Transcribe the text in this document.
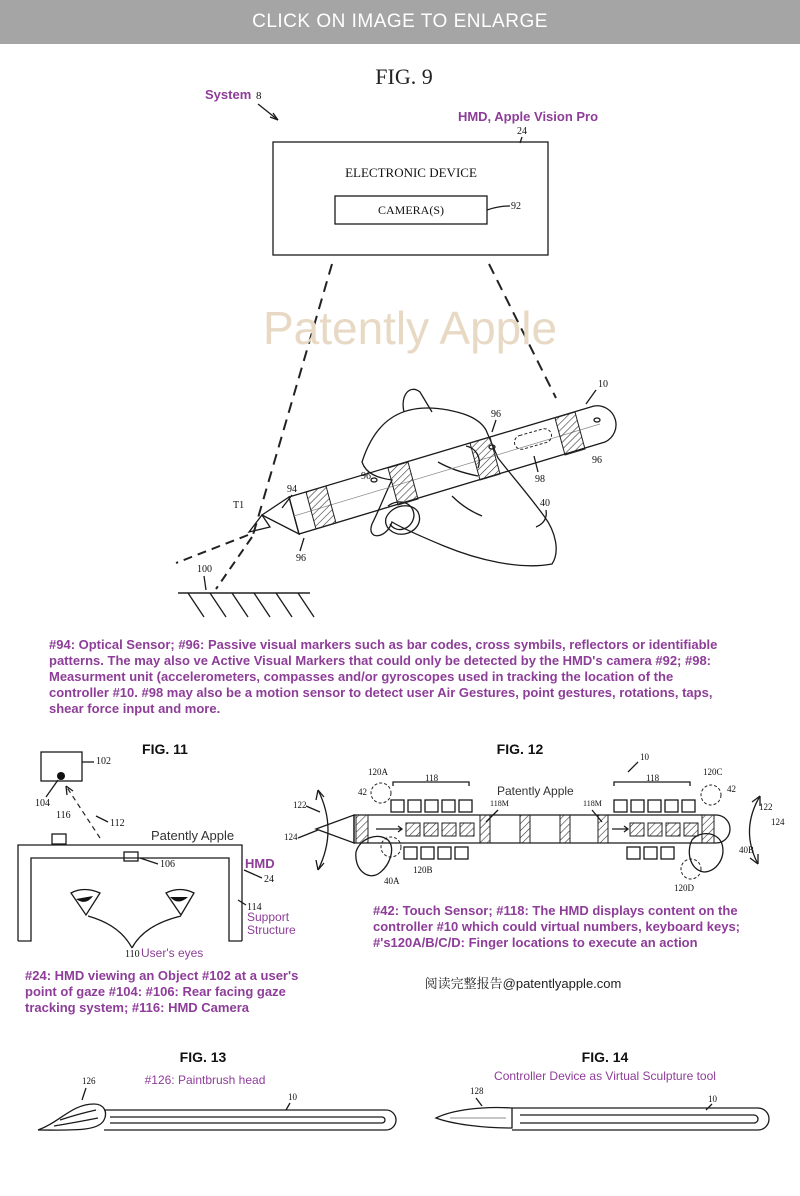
CLICK ON IMAGE TO ENLARGE
FIG. 9
System 8
HMD, Apple Vision Pro
24
ELECTRONIC DEVICE
CAMERA(S)	92
Patently Apple
10
T1
94
96
96
96
96
98
40
100
#94: Optical Sensor; #96: Passive visual markers such as bar codes, cross symbils, reflectors or identifiable
patterns. The may also ve Active Visual Markers that could only be detected by the HMD's camera #92; #98:
Measurment unit (accelerometers, compasses and/or gyroscopes used in tracking the location of the
controller #10. #98 may also be a motion sensor to detect user Air Gestures, point gestures, rotations, taps,
shear force input and more.
FIG. 11
102
104
112
116
Patently Apple
106	HMD
24
114
Support
Structure
110 User's eyes
#24: HMD viewing an Object #102 at a user's
point of gaze #104: #106: Rear facing gaze
tracking system; #116: HMD Camera
FIG. 12	10
Patently Apple
120A
118	118
120C
42	42
118M	118M
122
124
122
124
40B
40A
120B
120D
#42: Touch Sensor; #118: The HMD displays content on the
controller #10 which could virtual numbers, keyboard keys;
#'s120A/B/C/D: Finger locations to execute an action
阅读完整报告@patentlyapple.com
FIG. 13
#126: Paintbrush head
126
10
FIG. 14
Controller Device as Virtual Sculpture tool
128
10
